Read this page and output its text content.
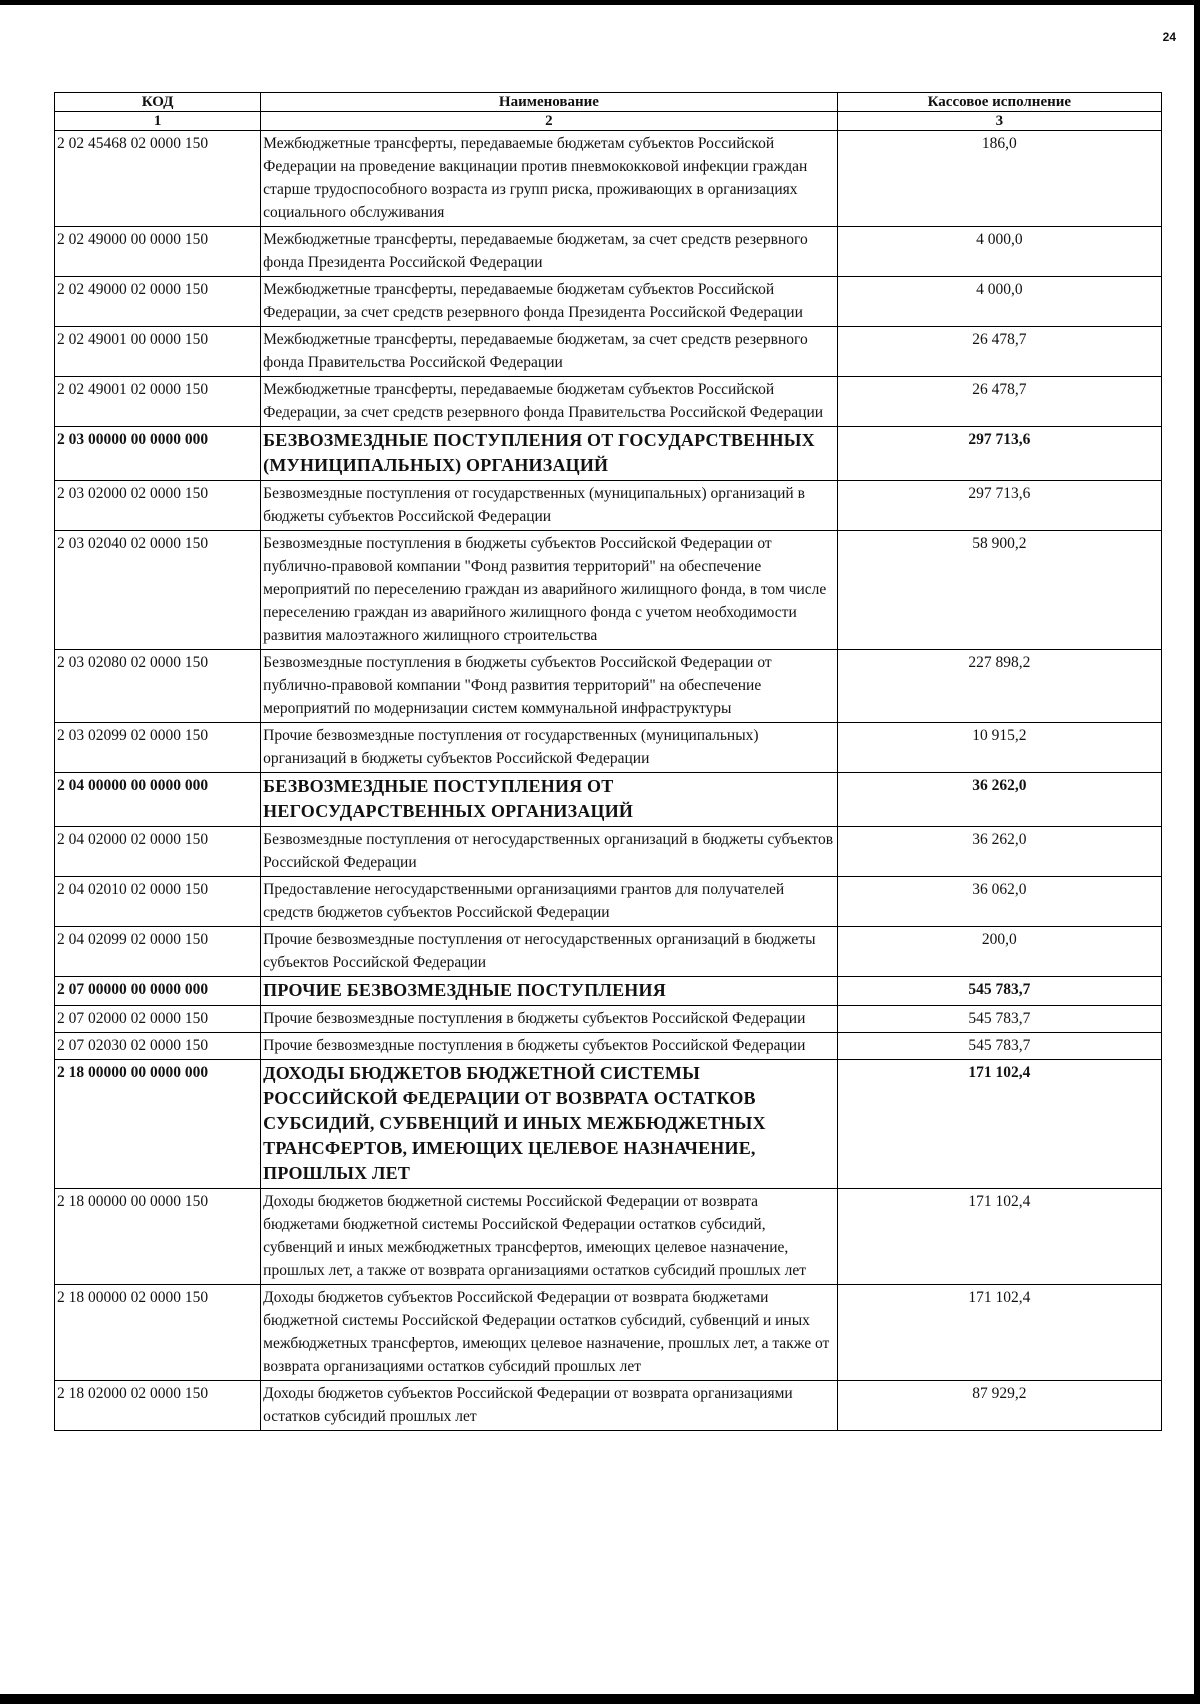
24
КОД	Наименование	Кассовое исполнение
1	2	3
2 02 45468 02 0000 150	Межбюджетные трансферты, передаваемые бюджетам субъектов Российской Федерации на проведение вакцинации против пневмококковой инфекции граждан старше трудоспособного возраста из групп риска, проживающих в организациях социального обслуживания	186,0
2 02 49000 00 0000 150	Межбюджетные трансферты, передаваемые бюджетам, за счет средств резервного фонда Президента Российской Федерации	4 000,0
2 02 49000 02 0000 150	Межбюджетные трансферты, передаваемые бюджетам субъектов Российской Федерации, за счет средств резервного фонда Президента Российской Федерации	4 000,0
2 02 49001 00 0000 150	Межбюджетные трансферты, передаваемые бюджетам, за счет средств резервного фонда Правительства Российской Федерации	26 478,7
2 02 49001 02 0000 150	Межбюджетные трансферты, передаваемые бюджетам субъектов Российской Федерации, за счет средств резервного фонда Правительства Российской Федерации	26 478,7
2 03 00000 00 0000 000	БЕЗВОЗМЕЗДНЫЕ ПОСТУПЛЕНИЯ ОТ ГОСУДАРСТВЕННЫХ (МУНИЦИПАЛЬНЫХ) ОРГАНИЗАЦИЙ	297 713,6
2 03 02000 02 0000 150	Безвозмездные поступления от государственных (муниципальных) организаций в бюджеты субъектов Российской Федерации	297 713,6
2 03 02040 02 0000 150	Безвозмездные поступления в бюджеты субъектов Российской Федерации от публично-правовой компании "Фонд развития территорий" на обеспечение мероприятий по переселению граждан из аварийного жилищного фонда, в том числе переселению граждан из аварийного жилищного фонда с учетом необходимости развития малоэтажного жилищного строительства	58 900,2
2 03 02080 02 0000 150	Безвозмездные поступления в бюджеты субъектов Российской Федерации от публично-правовой компании "Фонд развития территорий" на обеспечение мероприятий по модернизации систем коммунальной инфраструктуры	227 898,2
2 03 02099 02 0000 150	Прочие безвозмездные поступления от государственных (муниципальных) организаций в бюджеты субъектов Российской Федерации	10 915,2
2 04 00000 00 0000 000	БЕЗВОЗМЕЗДНЫЕ ПОСТУПЛЕНИЯ ОТ НЕГОСУДАРСТВЕННЫХ ОРГАНИЗАЦИЙ	36 262,0
2 04 02000 02 0000 150	Безвозмездные поступления от негосударственных организаций в бюджеты субъектов Российской Федерации	36 262,0
2 04 02010 02 0000 150	Предоставление негосударственными организациями грантов для получателей средств бюджетов субъектов Российской Федерации	36 062,0
2 04 02099 02 0000 150	Прочие безвозмездные поступления от негосударственных организаций в бюджеты субъектов Российской Федерации	200,0
2 07 00000 00 0000 000	ПРОЧИЕ БЕЗВОЗМЕЗДНЫЕ ПОСТУПЛЕНИЯ	545 783,7
2 07 02000 02 0000 150	Прочие безвозмездные поступления в бюджеты субъектов Российской Федерации	545 783,7
2 07 02030 02 0000 150	Прочие безвозмездные поступления в бюджеты субъектов Российской Федерации	545 783,7
2 18 00000 00 0000 000	ДОХОДЫ БЮДЖЕТОВ БЮДЖЕТНОЙ СИСТЕМЫ РОССИЙСКОЙ ФЕДЕРАЦИИ ОТ ВОЗВРАТА ОСТАТКОВ СУБСИДИЙ, СУБВЕНЦИЙ И ИНЫХ МЕЖБЮДЖЕТНЫХ ТРАНСФЕРТОВ, ИМЕЮЩИХ ЦЕЛЕВОЕ НАЗНАЧЕНИЕ, ПРОШЛЫХ ЛЕТ	171 102,4
2 18 00000 00 0000 150	Доходы бюджетов бюджетной системы Российской Федерации от возврата бюджетами бюджетной системы Российской Федерации остатков субсидий, субвенций и иных межбюджетных трансфертов, имеющих целевое назначение, прошлых лет, а также от возврата организациями остатков субсидий прошлых лет	171 102,4
2 18 00000 02 0000 150	Доходы бюджетов субъектов Российской Федерации от возврата бюджетами бюджетной системы Российской Федерации остатков субсидий, субвенций и иных межбюджетных трансфертов, имеющих целевое назначение, прошлых лет, а также от возврата организациями остатков субсидий прошлых лет	171 102,4
2 18 02000 02 0000 150	Доходы бюджетов субъектов Российской Федерации от возврата организациями остатков субсидий прошлых лет	87 929,2
